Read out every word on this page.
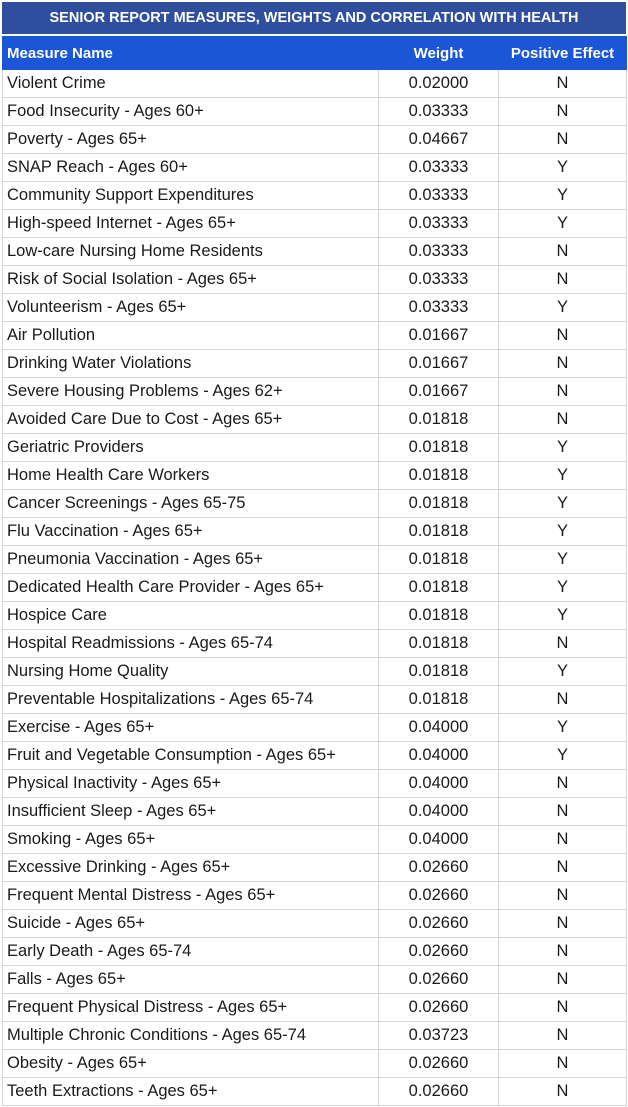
SENIOR REPORT MEASURES, WEIGHTS AND CORRELATION WITH HEALTH
Measure Name	Weight	Positive Effect
Violent Crime	0.02000	N
Food Insecurity - Ages 60+	0.03333	N
Poverty - Ages 65+	0.04667	N
SNAP Reach - Ages 60+	0.03333	Y
Community Support Expenditures	0.03333	Y
High-speed Internet - Ages 65+	0.03333	Y
Low-care Nursing Home Residents	0.03333	N
Risk of Social Isolation - Ages 65+	0.03333	N
Volunteerism - Ages 65+	0.03333	Y
Air Pollution	0.01667	N
Drinking Water Violations	0.01667	N
Severe Housing Problems - Ages 62+	0.01667	N
Avoided Care Due to Cost - Ages 65+	0.01818	N
Geriatric Providers	0.01818	Y
Home Health Care Workers	0.01818	Y
Cancer Screenings - Ages 65-75	0.01818	Y
Flu Vaccination - Ages 65+	0.01818	Y
Pneumonia Vaccination - Ages 65+	0.01818	Y
Dedicated Health Care Provider - Ages 65+	0.01818	Y
Hospice Care	0.01818	Y
Hospital Readmissions - Ages 65-74	0.01818	N
Nursing Home Quality	0.01818	Y
Preventable Hospitalizations - Ages 65-74	0.01818	N
Exercise - Ages 65+	0.04000	Y
Fruit and Vegetable Consumption - Ages 65+	0.04000	Y
Physical Inactivity - Ages 65+	0.04000	N
Insufficient Sleep - Ages 65+	0.04000	N
Smoking - Ages 65+	0.04000	N
Excessive Drinking - Ages 65+	0.02660	N
Frequent Mental Distress - Ages 65+	0.02660	N
Suicide - Ages 65+	0.02660	N
Early Death - Ages 65-74	0.02660	N
Falls - Ages 65+	0.02660	N
Frequent Physical Distress - Ages 65+	0.02660	N
Multiple Chronic Conditions - Ages 65-74	0.03723	N
Obesity - Ages 65+	0.02660	N
Teeth Extractions - Ages 65+	0.02660	N
